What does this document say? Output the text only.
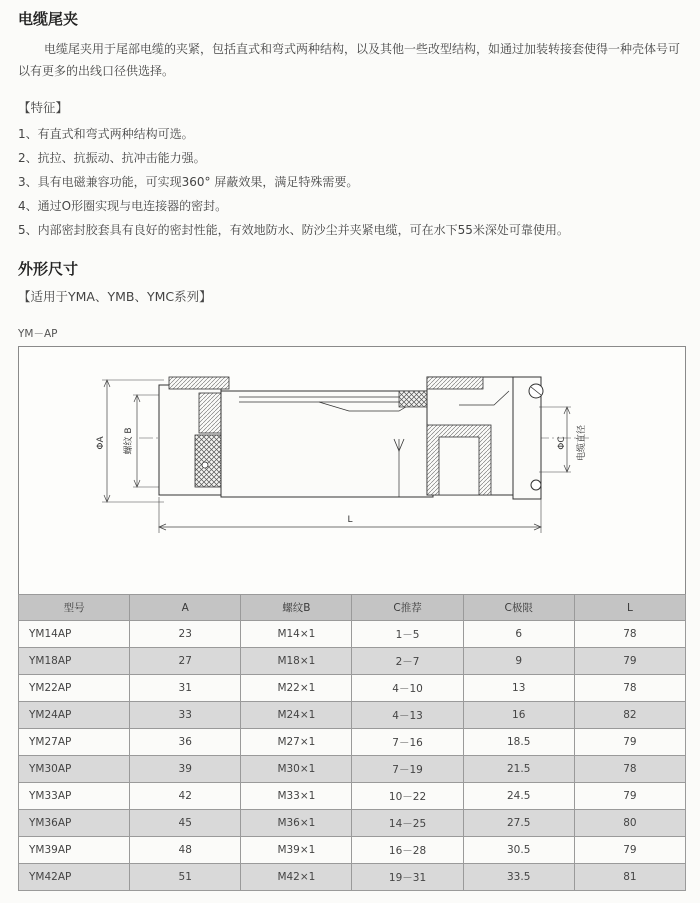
电缆尾夹
电缆尾夹用于尾部电缆的夹紧，包括直式和弯式两种结构，以及其他一些改型结构，如通过加装转接套使得一种壳体号可以有更多的出线口径供选择。
【特征】
1、有直式和弯式两种结构可选。
2、抗拉、抗振动、抗冲击能力强。
3、具有电磁兼容功能，可实现360° 屏蔽效果，满足特殊需要。
4、通过O形圈实现与电连接器的密封。
5、内部密封胶套具有良好的密封性能，有效地防水、防沙尘并夹紧电缆，可在水下55米深处可靠使用。
外形尺寸
【适用于YMA、YMB、YMC系列】
YM－AP
ΦA 螺纹 B	ΦC 电缆直径
L
型号	A	螺纹B	C推荐	C极限	L
YM14AP	23	M14×1	1－5	6	78
YM18AP	27	M18×1	2－7	9	79
YM22AP	31	M22×1	4－10	13	78
YM24AP	33	M24×1	4－13	16	82
YM27AP	36	M27×1	7－16	18.5	79
YM30AP	39	M30×1	7－19	21.5	78
YM33AP	42	M33×1	10－22	24.5	79
YM36AP	45	M36×1	14－25	27.5	80
YM39AP	48	M39×1	16－28	30.5	79
YM42AP	51	M42×1	19－31	33.5	81
